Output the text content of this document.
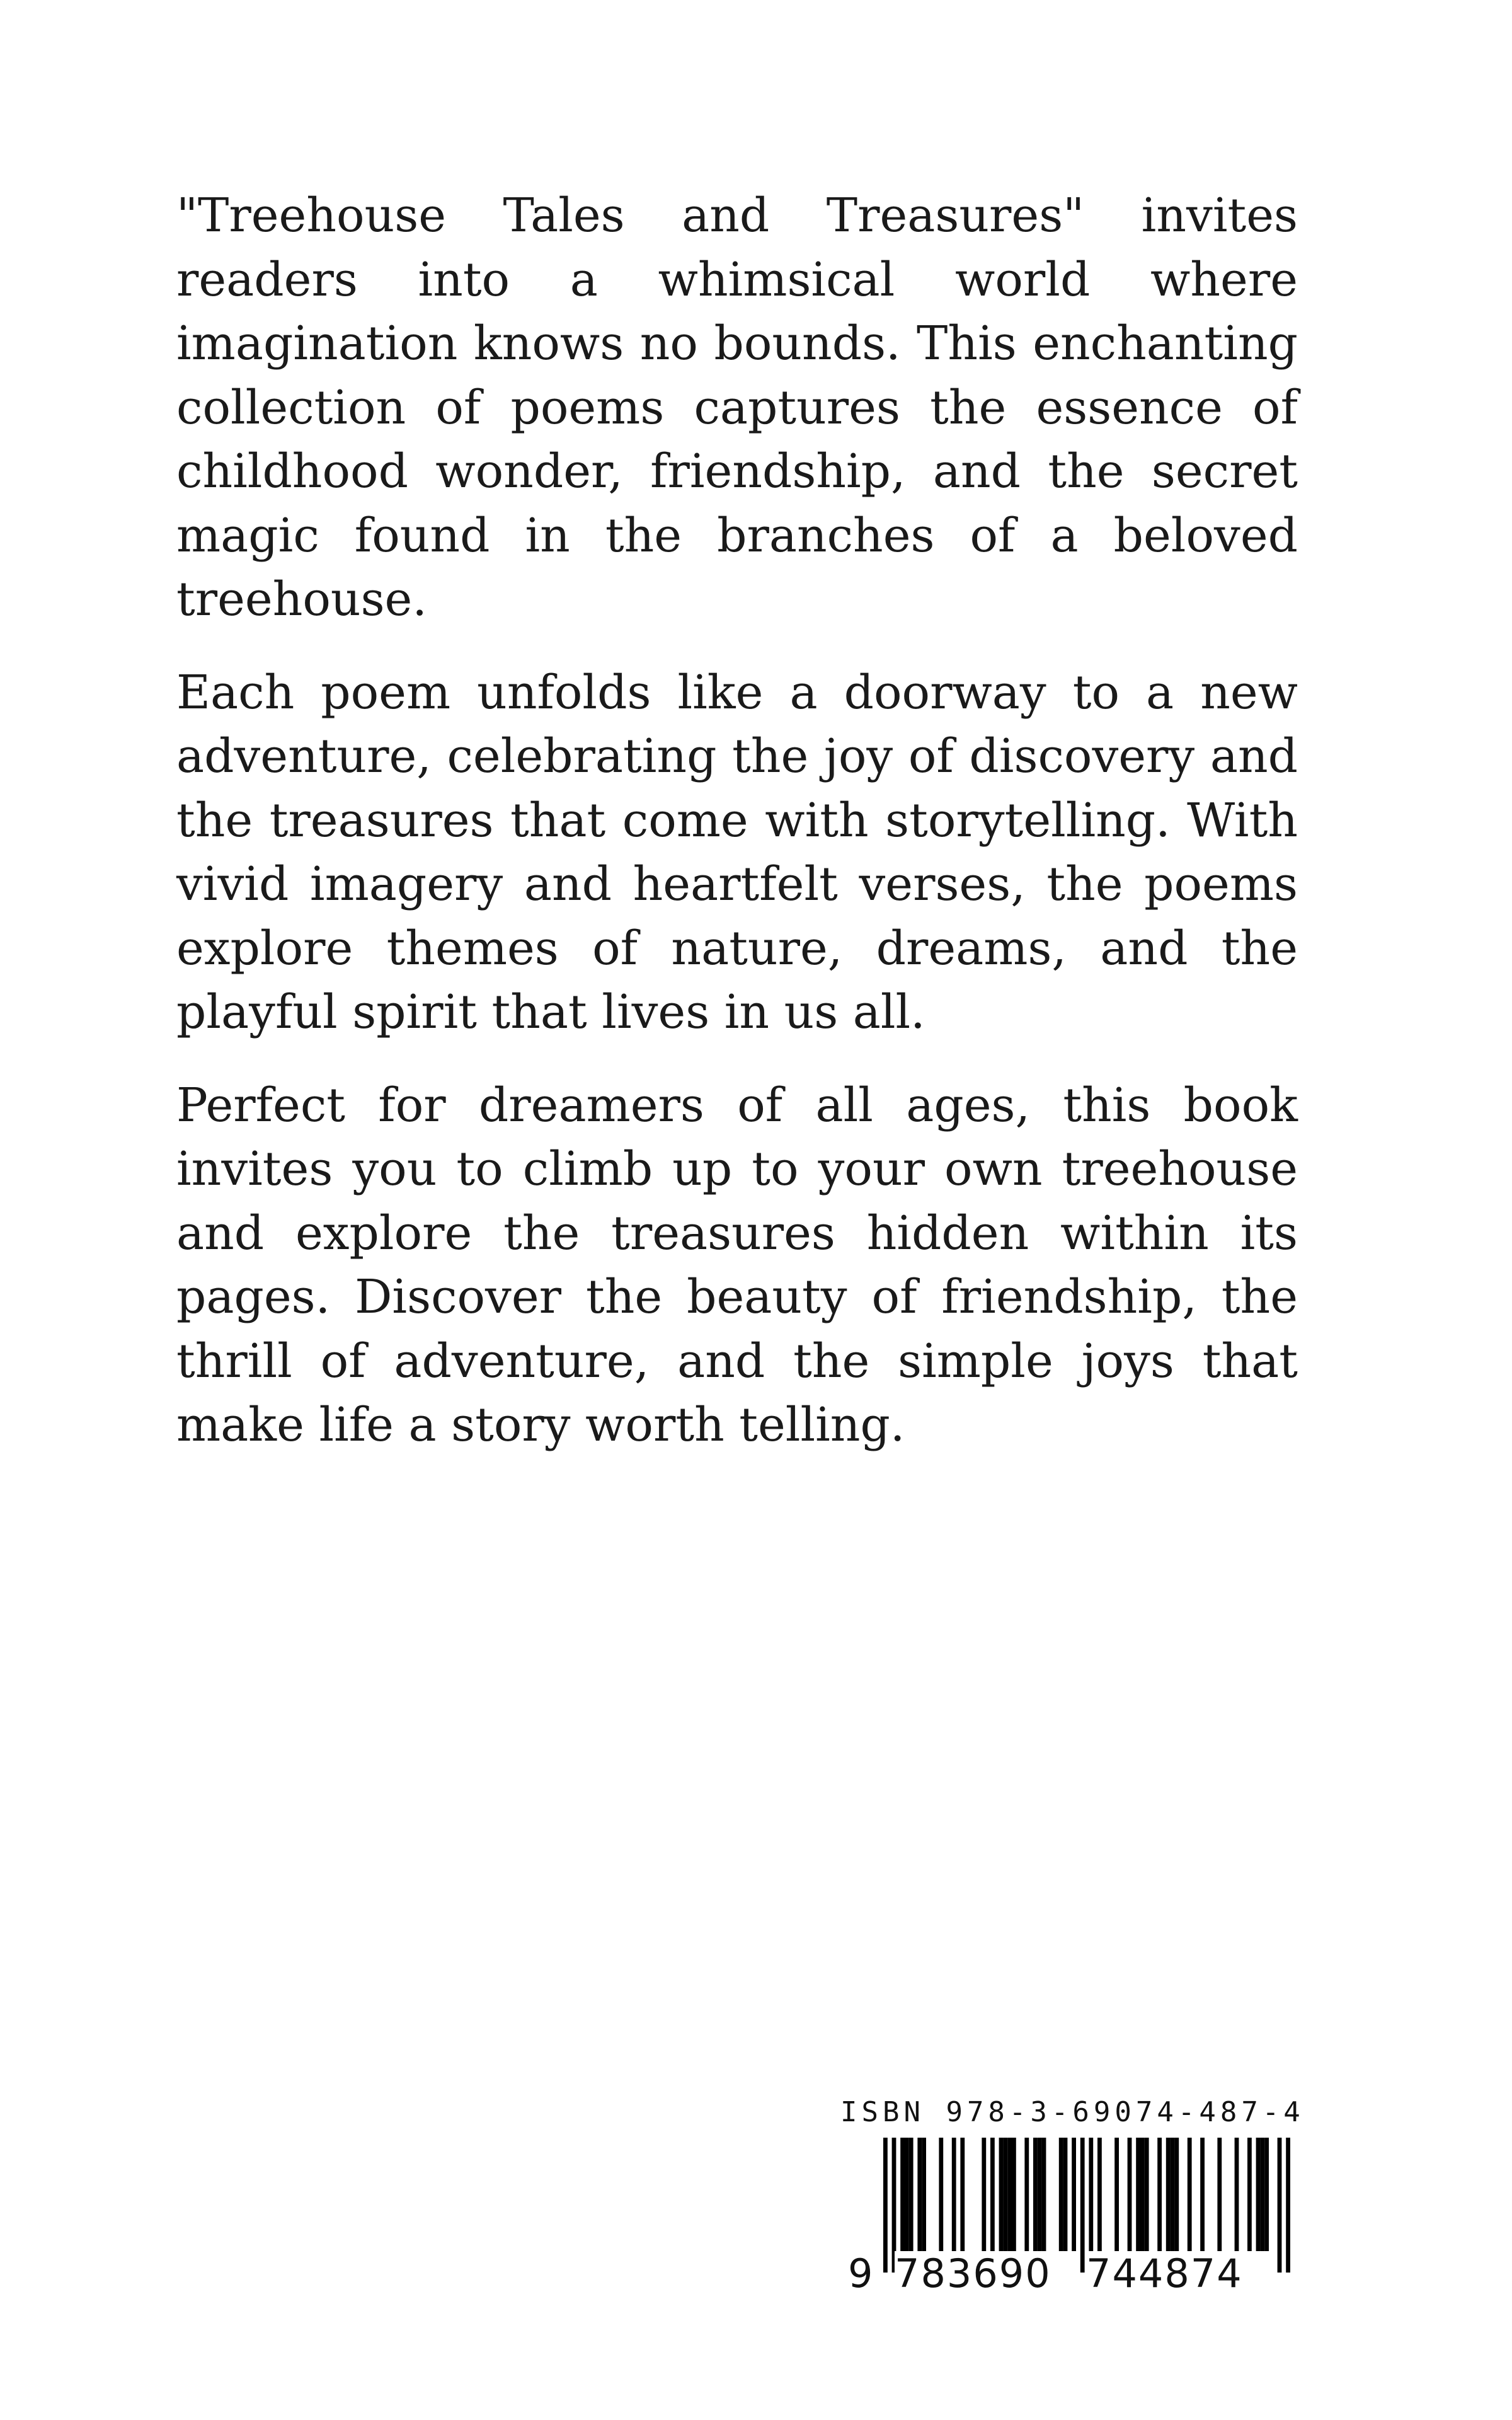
"Treehouse Tales and Treasures" invites readers into a whimsical world where imagination knows no bounds. This enchanting collection of poems captures the essence of childhood wonder, friendship, and the secret magic found in the branches of a beloved treehouse.

Each poem unfolds like a doorway to a new adventure, celebrating the joy of discovery and the treasures that come with storytelling. With vivid imagery and heartfelt verses, the poems explore themes of nature, dreams, and the playful spirit that lives in us all.

Perfect for dreamers of all ages, this book invites you to climb up to your own treehouse and explore the treasures hidden within its pages. Discover the beauty of friendship, the thrill of adventure, and the simple joys that make life a story worth telling.

ISBN 978-3-69074-487-4
9 783690 744874
